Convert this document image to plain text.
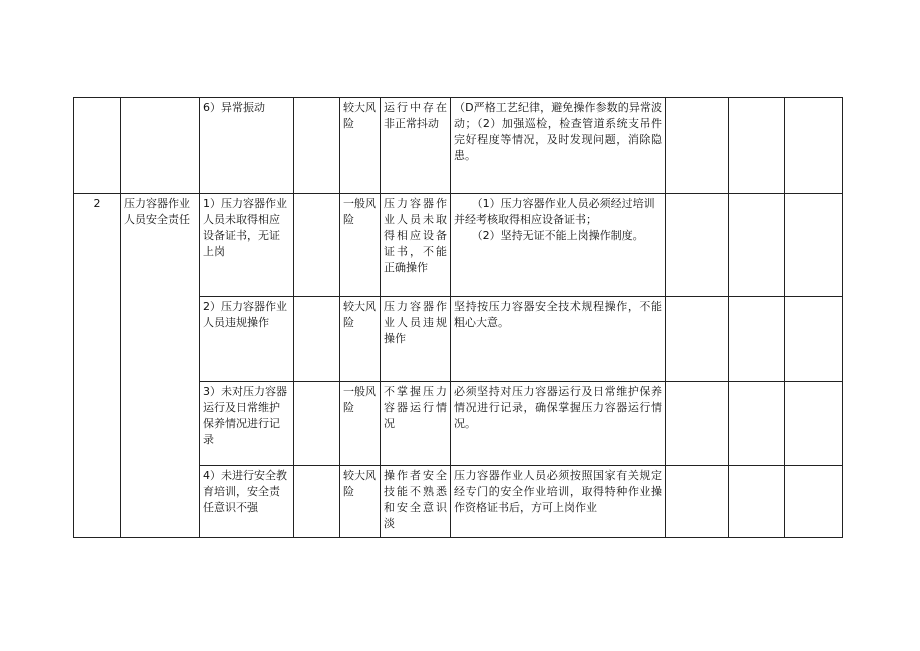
		6）异常振动		较大风险	运行中存在非正常抖动	（D严格工艺纪律，避免操作参数的异常波动；（2）加强巡检，检查管道系统支吊件完好程度等情况，及时发现问题，消除隐患。			
2	压力容器作业人员安全责任	1）压力容器作业人员未取得相应设备证书，无证上岗		一般风险	压力容器作业人员未取得相应设备证书，不能正确操作	（1）压力容器作业人员必须经过培训并经考核取得相应设备证书；

（2）坚持无证不能上岗操作制度。			

		2）压力容器作业人员违规操作		较大风险	压力容器作业人员违规操作	坚持按压力容器安全技术规程操作，不能粗心大意。			
		3）未对压力容器运行及日常维护保养情况进行记录		一般风险	不掌握压力容器运行情况	必须坚持对压力容器运行及日常维护保养情况进行记录，确保掌握压力容器运行情况。			
		4）未进行安全教育培训，安全责任意识不强		较大风险	操作者安全技能不熟悉和安全意识淡	压力容器作业人员必须按照国家有关规定经专门的安全作业培训，取得特种作业操作资格证书后，方可上岗作业			
